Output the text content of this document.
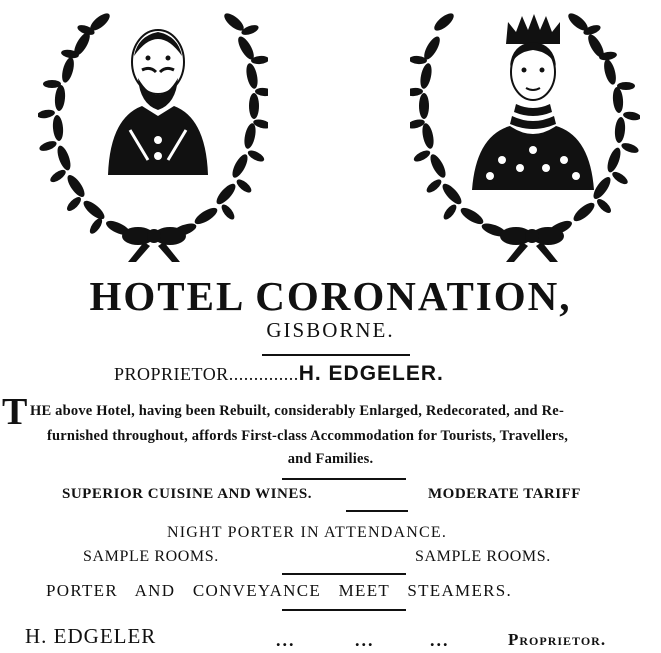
HOTEL CORONATION,
GISBORNE.
PROPRIETOR..............H. EDGELER.
T HE above Hotel, having been Rebuilt, considerably Enlarged, Redecorated, and Re-
furnished throughout, affords First-class Accommodation for Tourists, Travellers,
and Families.
SUPERIOR CUISINE AND WINES.	MODERATE TARIFF
NIGHT PORTER IN ATTENDANCE.
SAMPLE ROOMS.	SAMPLE ROOMS.
PORTER AND CONVEYANCE MEET STEAMERS.
H. EDGELER	...	...	...	Proprietor.
